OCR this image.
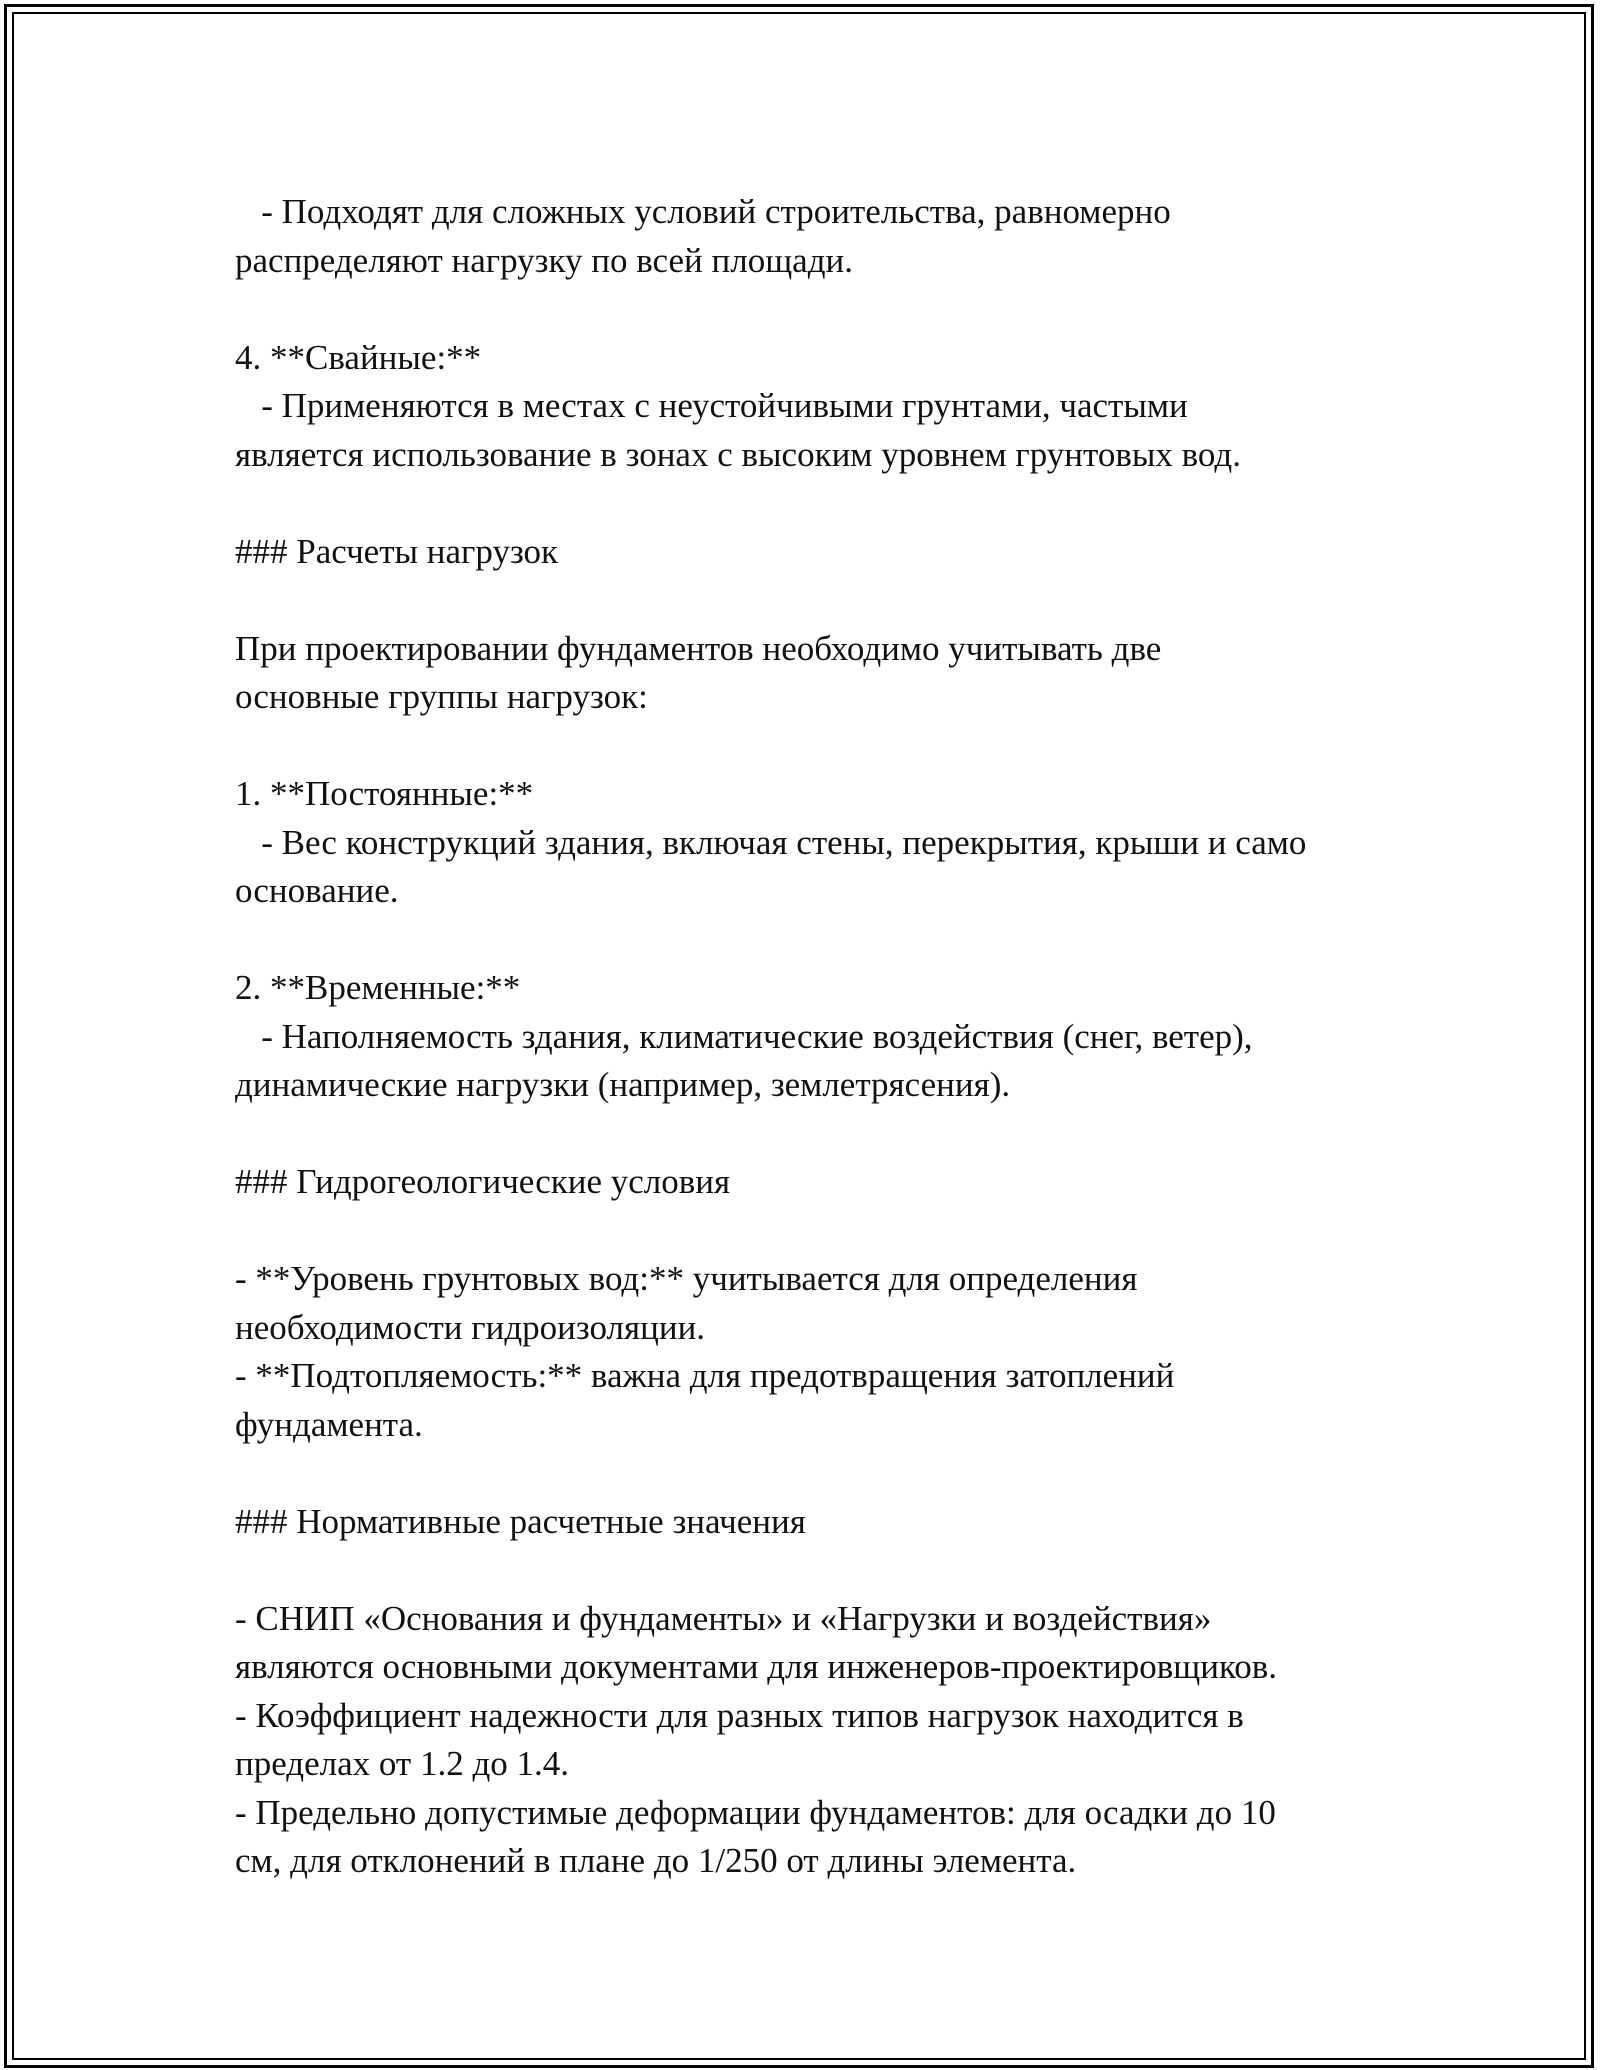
- Подходят для сложных условий строительства, равномерно
распределяют нагрузку по всей площади.
4. **Свайные:**
- Применяются в местах с неустойчивыми грунтами, частыми
является использование в зонах с высоким уровнем грунтовых вод.
### Расчеты нагрузок
При проектировании фундаментов необходимо учитывать две
основные группы нагрузок:
1. **Постоянные:**
- Вес конструкций здания, включая стены, перекрытия, крыши и само
основание.
2. **Временные:**
- Наполняемость здания, климатические воздействия (снег, ветер),
динамические нагрузки (например, землетрясения).
### Гидрогеологические условия
- **Уровень грунтовых вод:** учитывается для определения
необходимости гидроизоляции.
- **Подтопляемость:** важна для предотвращения затоплений
фундамента.
### Нормативные расчетные значения
- СНИП «Основания и фундаменты» и «Нагрузки и воздействия»
являются основными документами для инженеров-проектировщиков.
- Коэффициент надежности для разных типов нагрузок находится в
пределах от 1.2 до 1.4.
- Предельно допустимые деформации фундаментов: для осадки до 10
см, для отклонений в плане до 1/250 от длины элемента.
